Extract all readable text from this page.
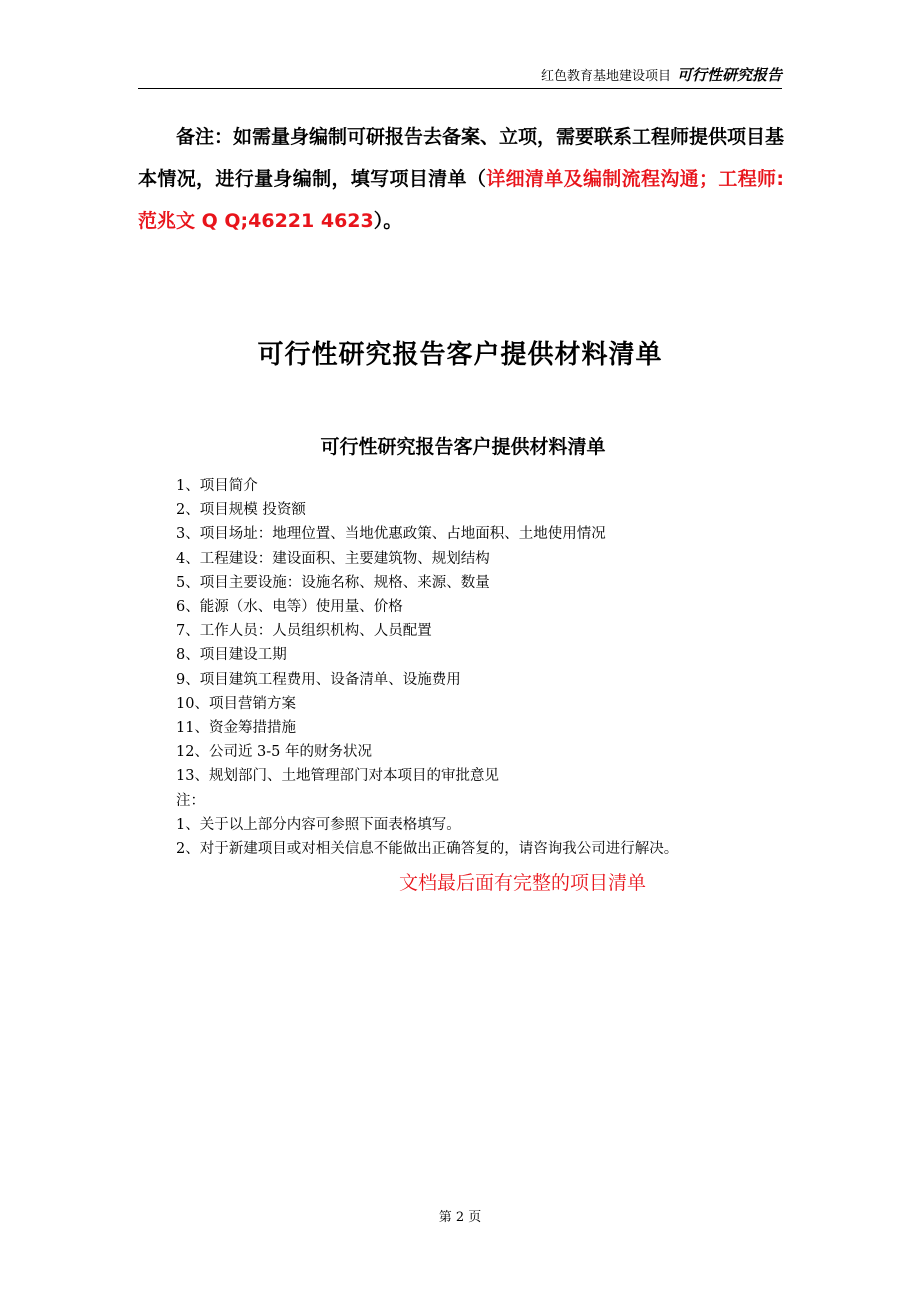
红色教育基地建设项目 可行性研究报告
备注：如需量身编制可研报告去备案、立项，需要联系工程师提供项目基本情况，进行量身编制，填写项目清单（详细清单及编制流程沟通；工程师:范兆文 Q Q;46221 4623）。
可行性研究报告客户提供材料清单
可行性研究报告客户提供材料清单
1、项目简介
2、项目规模 投资额
3、项目场址：地理位置、当地优惠政策、占地面积、土地使用情况
4、工程建设：建设面积、主要建筑物、规划结构
5、项目主要设施：设施名称、规格、来源、数量
6、能源（水、电等）使用量、价格
7、工作人员：人员组织机构、人员配置
8、项目建设工期
9、项目建筑工程费用、设备清单、设施费用
10、项目营销方案
11、资金筹措措施
12、公司近 3-5 年的财务状况
13、规划部门、土地管理部门对本项目的审批意见
注：
1、关于以上部分内容可参照下面表格填写。
2、对于新建项目或对相关信息不能做出正确答复的，请咨询我公司进行解决。
文档最后面有完整的项目清单
第 2 页
